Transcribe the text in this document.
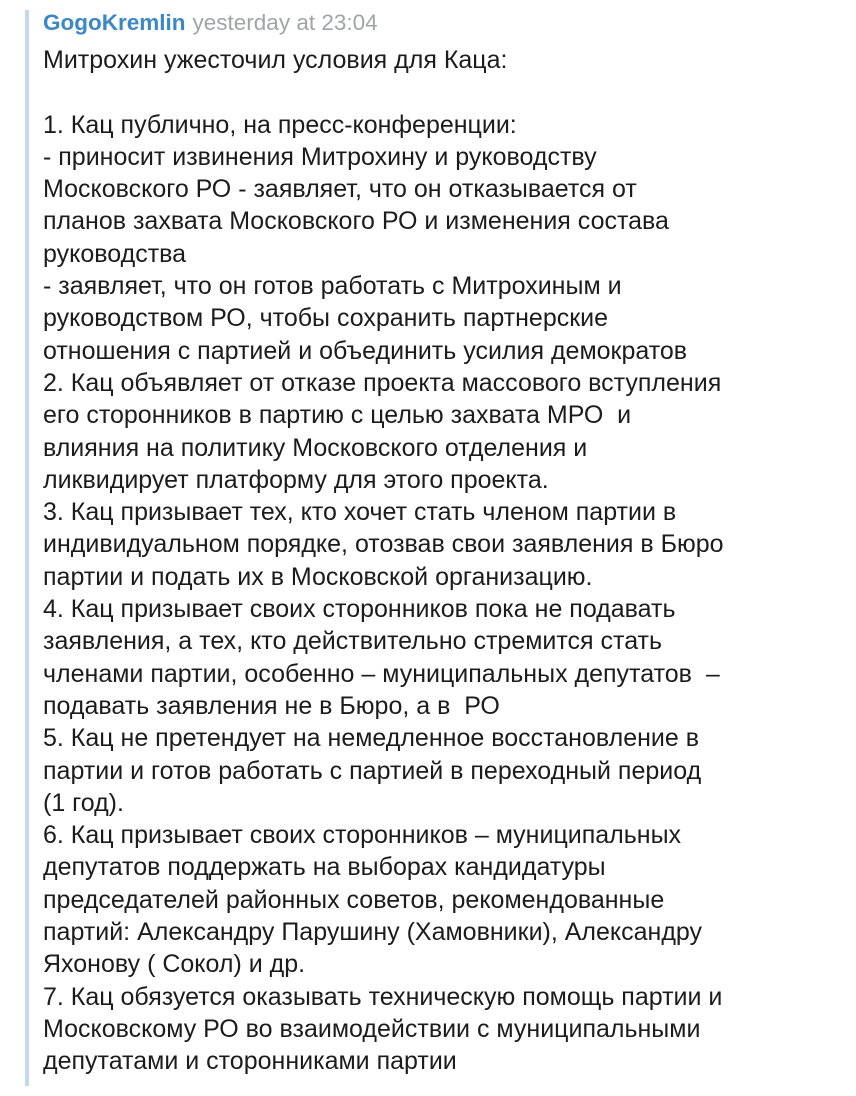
GogoKremlin yesterday at 23:04
Митрохин ужесточил условия для Каца:
1. Кац публично, на пресс-конференции:
- приносит извинения Митрохину и руководству
Московского РО - заявляет, что он отказывается от
планов захвата Московского РО и изменения состава
руководства
- заявляет, что он готов работать с Митрохиным и
руководством РО, чтобы сохранить партнерские
отношения с партией и объединить усилия демократов
2. Кац объявляет от отказе проекта массового вступления
его сторонников в партию с целью захвата МРО  и
влияния на политику Московского отделения и
ликвидирует платформу для этого проекта.
3. Кац призывает тех, кто хочет стать членом партии в
индивидуальном порядке, отозвав свои заявления в Бюро
партии и подать их в Московской организацию.
4. Кац призывает своих сторонников пока не подавать
заявления, а тех, кто действительно стремится стать
членами партии, особенно – муниципальных депутатов  –
подавать заявления не в Бюро, а в  РО
5. Кац не претендует на немедленное восстановление в
партии и готов работать с партией в переходный период
(1 год).
6. Кац призывает своих сторонников – муниципальных
депутатов поддержать на выборах кандидатуры
председателей районных советов, рекомендованные
партий: Александру Парушину (Хамовники), Александру
Яхонову ( Сокол) и др.
7. Кац обязуется оказывать техническую помощь партии и
Московскому РО во взаимодействии с муниципальными
депутатами и сторонниками партии
